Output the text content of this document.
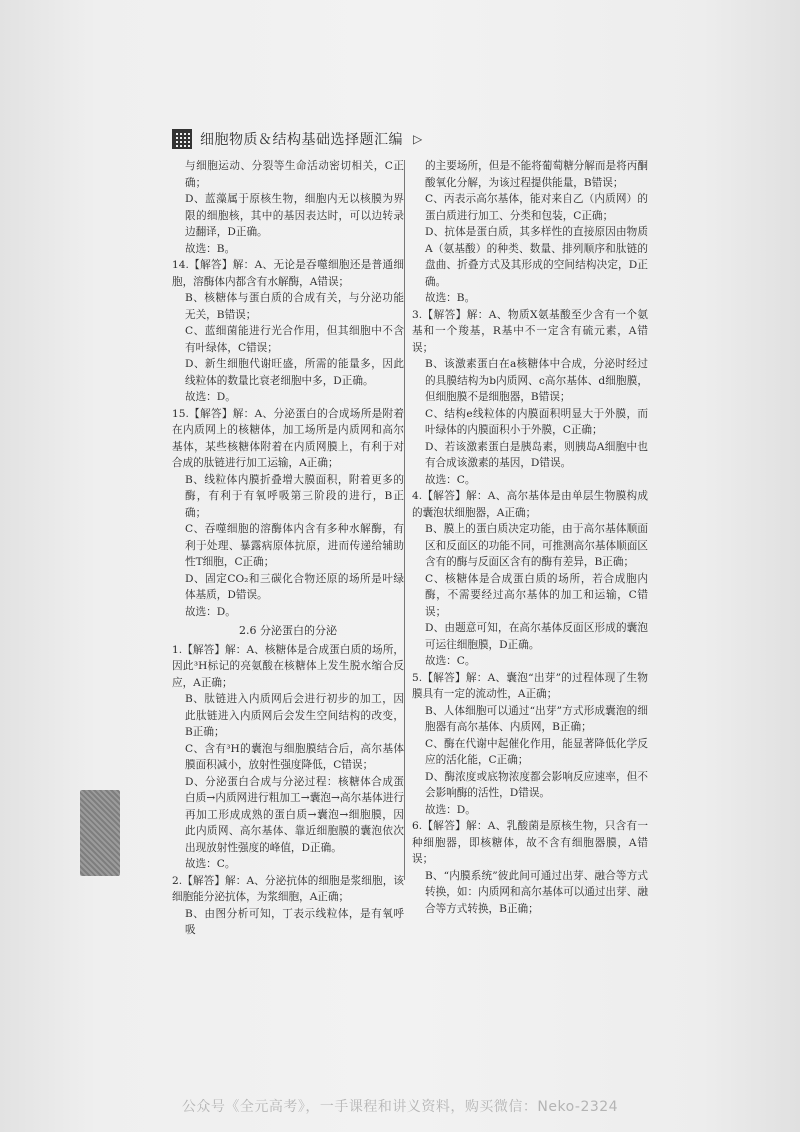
细胞物质＆结构基础选择题汇编 ▷
与细胞运动、分裂等生命活动密切相关，C正确；
D、蓝藻属于原核生物，细胞内无以核膜为界限的细胞核，其中的基因表达时，可以边转录边翻译，D正确。
故选：B。
14.【解答】解：A、无论是吞噬细胞还是普通细胞，溶酶体内都含有水解酶，A错误；
B、核糖体与蛋白质的合成有关，与分泌功能无关，B错误；
C、蓝细菌能进行光合作用，但其细胞中不含有叶绿体，C错误；
D、新生细胞代谢旺盛，所需的能量多，因此线粒体的数量比衰老细胞中多，D正确。
故选：D。
15.【解答】解：A、分泌蛋白的合成场所是附着在内质网上的核糖体，加工场所是内质网和高尔基体，某些核糖体附着在内质网膜上，有利于对合成的肽链进行加工运输，A正确；
B、线粒体内膜折叠增大膜面积，附着更多的酶，有利于有氧呼吸第三阶段的进行，B正确；
C、吞噬细胞的溶酶体内含有多种水解酶，有利于处理、暴露病原体抗原，进而传递给辅助性T细胞，C正确；
D、固定CO₂和三碳化合物还原的场所是叶绿体基质，D错误。
故选：D。
2.6 分泌蛋白的分泌
1.【解答】解：A、核糖体是合成蛋白质的场所，因此³H标记的亮氨酸在核糖体上发生脱水缩合反应，A正确；
B、肽链进入内质网后会进行初步的加工，因此肽链进入内质网后会发生空间结构的改变，B正确；
C、含有³H的囊泡与细胞膜结合后，高尔基体膜面积减小，放射性强度降低，C错误；
D、分泌蛋白合成与分泌过程：核糖体合成蛋白质→内质网进行粗加工→囊泡→高尔基体进行再加工形成成熟的蛋白质→囊泡→细胞膜，因此内质网、高尔基体、靠近细胞膜的囊泡依次出现放射性强度的峰值，D正确。
故选：C。
2.【解答】解：A、分泌抗体的细胞是浆细胞，该细胞能分泌抗体，为浆细胞，A正确；
B、由图分析可知，丁表示线粒体，是有氧呼吸
的主要场所，但是不能将葡萄糖分解而是将丙酮酸氧化分解，为该过程提供能量，B错误；
C、丙表示高尔基体，能对来自乙（内质网）的蛋白质进行加工、分类和包装，C正确；
D、抗体是蛋白质，其多样性的直接原因由物质A（氨基酸）的种类、数量、排列顺序和肽链的盘曲、折叠方式及其形成的空间结构决定，D正确。
故选：B。
3.【解答】解：A、物质X氨基酸至少含有一个氨基和一个羧基，R基中不一定含有硫元素，A错误；
B、该激素蛋白在a核糖体中合成，分泌时经过的具膜结构为b内质网、c高尔基体、d细胞膜，但细胞膜不是细胞器，B错误；
C、结构e线粒体的内膜面积明显大于外膜，而叶绿体的内膜面积小于外膜，C正确；
D、若该激素蛋白是胰岛素，则胰岛A细胞中也有合成该激素的基因，D错误。
故选：C。
4.【解答】解：A、高尔基体是由单层生物膜构成的囊泡状细胞器，A正确；
B、膜上的蛋白质决定功能，由于高尔基体顺面区和反面区的功能不同，可推测高尔基体顺面区含有的酶与反面区含有的酶有差异，B正确；
C、核糖体是合成蛋白质的场所，若合成胞内酶，不需要经过高尔基体的加工和运输，C错误；
D、由题意可知，在高尔基体反面区形成的囊泡可运往细胞膜，D正确。
故选：C。
5.【解答】解：A、囊泡“出芽”的过程体现了生物膜具有一定的流动性，A正确；
B、人体细胞可以通过“出芽”方式形成囊泡的细胞器有高尔基体、内质网，B正确；
C、酶在代谢中起催化作用，能显著降低化学反应的活化能，C正确；
D、酶浓度或底物浓度都会影响反应速率，但不会影响酶的活性，D错误。
故选：D。
6.【解答】解：A、乳酸菌是原核生物，只含有一种细胞器，即核糖体，故不含有细胞器膜，A错误；
B、“内膜系统”彼此间可通过出芽、融合等方式转换，如：内质网和高尔基体可以通过出芽、融合等方式转换，B正确；
公众号《全元高考》，一手课程和讲义资料，购买微信：Neko-2324
